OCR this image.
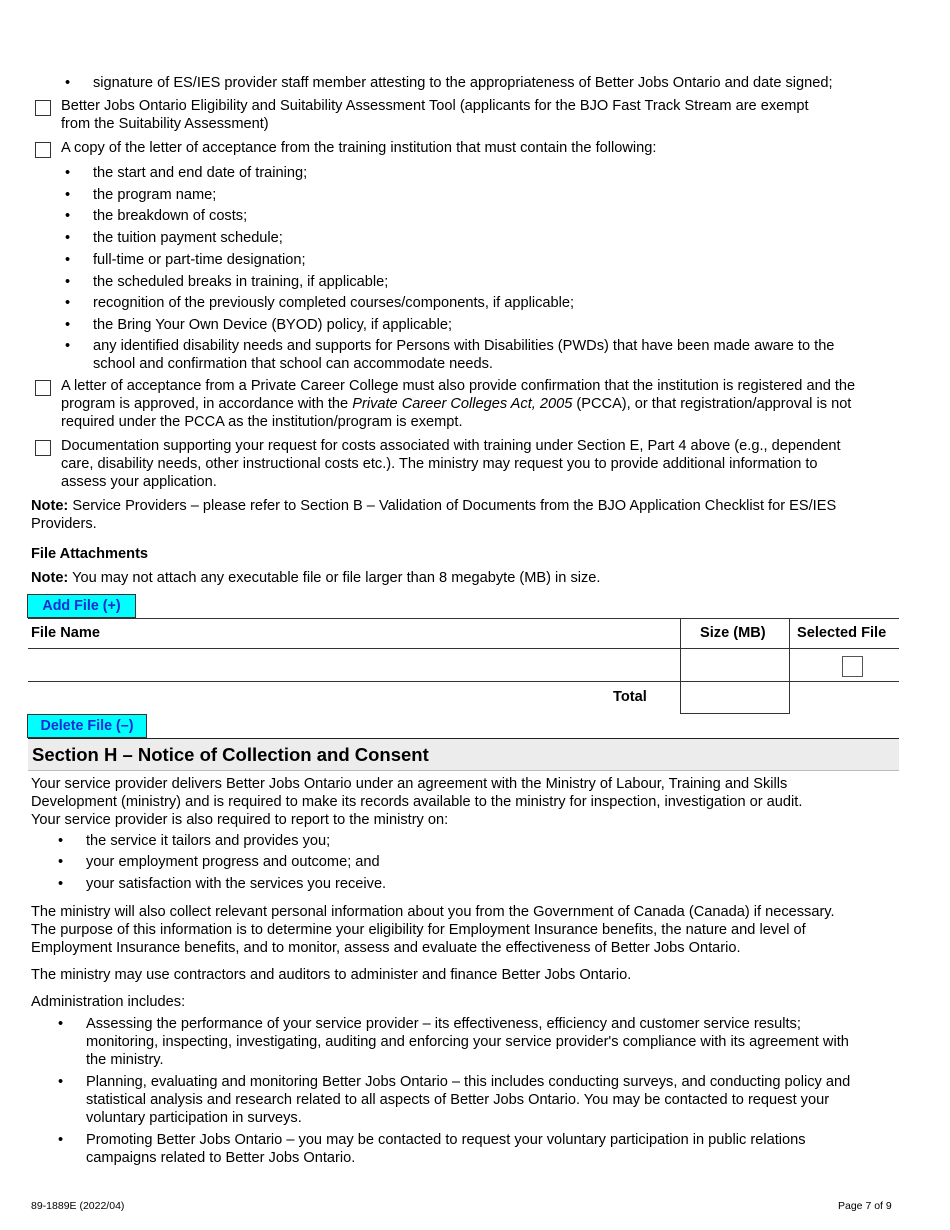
• signature of ES/IES provider staff member attesting to the appropriateness of Better Jobs Ontario and date signed;
Better Jobs Ontario Eligibility and Suitability Assessment Tool (applicants for the BJO Fast Track Stream are exempt
from the Suitability Assessment)
A copy of the letter of acceptance from the training institution that must contain the following:
• the start and end date of training;
• the program name;
• the breakdown of costs;
• the tuition payment schedule;
• full-time or part-time designation;
• the scheduled breaks in training, if applicable;
• recognition of the previously completed courses/components, if applicable;
• the Bring Your Own Device (BYOD) policy, if applicable;
• any identified disability needs and supports for Persons with Disabilities (PWDs) that have been made aware to the
school and confirmation that school can accommodate needs.
A letter of acceptance from a Private Career College must also provide confirmation that the institution is registered and the
program is approved, in accordance with the Private Career Colleges Act, 2005 (PCCA), or that registration/approval is not
required under the PCCA as the institution/program is exempt.
Documentation supporting your request for costs associated with training under Section E, Part 4 above (e.g., dependent
care, disability needs, other instructional costs etc.). The ministry may request you to provide additional information to
assess your application.
Note: Service Providers – please refer to Section B – Validation of Documents from the BJO Application Checklist for ES/IES
Providers.
File Attachments
Note: You may not attach any executable file or file larger than 8 megabyte (MB) in size.
Add File (+)
File Name	Size (MB) Selected File
Total
Delete File (–)
Section H – Notice of Collection and Consent
Your service provider delivers Better Jobs Ontario under an agreement with the Ministry of Labour, Training and Skills
Development (ministry) and is required to make its records available to the ministry for inspection, investigation or audit.
Your service provider is also required to report to the ministry on:
• the service it tailors and provides you;
• your employment progress and outcome; and
• your satisfaction with the services you receive.
The ministry will also collect relevant personal information about you from the Government of Canada (Canada) if necessary.
The purpose of this information is to determine your eligibility for Employment Insurance benefits, the nature and level of
Employment Insurance benefits, and to monitor, assess and evaluate the effectiveness of Better Jobs Ontario.
The ministry may use contractors and auditors to administer and finance Better Jobs Ontario.
Administration includes:
• Assessing the performance of your service provider – its effectiveness, efficiency and customer service results;
monitoring, inspecting, investigating, auditing and enforcing your service provider's compliance with its agreement with
the ministry.
• Planning, evaluating and monitoring Better Jobs Ontario – this includes conducting surveys, and conducting policy and
statistical analysis and research related to all aspects of Better Jobs Ontario. You may be contacted to request your
voluntary participation in surveys.
• Promoting Better Jobs Ontario – you may be contacted to request your voluntary participation in public relations
campaigns related to Better Jobs Ontario.
89-1889E (2022/04)	Page 7 of 9
